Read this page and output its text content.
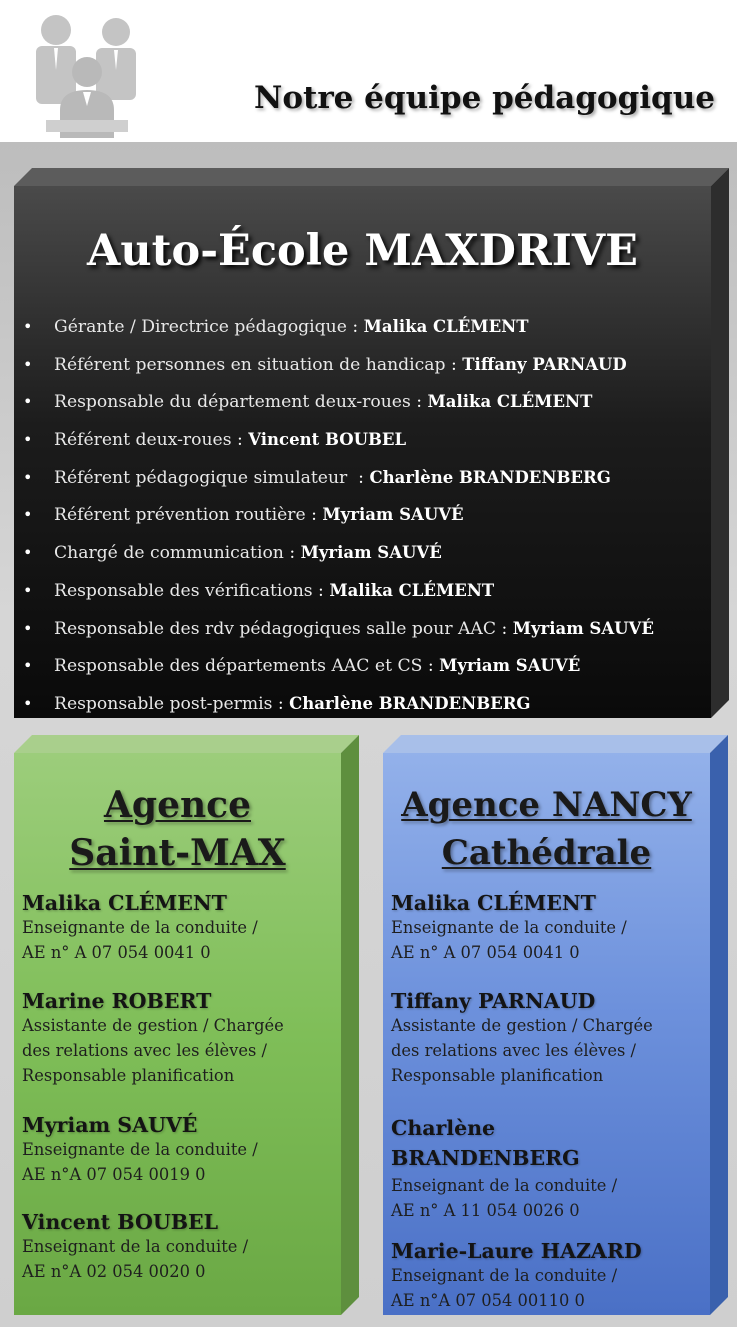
Notre équipe pédagogique
Auto-École MAXDRIVE
• Gérante / Directrice pédagogique : Malika CLÉMENT
• Référent personnes en situation de handicap : Tiffany PARNAUD
• Responsable du département deux-roues : Malika CLÉMENT
• Référent deux-roues : Vincent BOUBEL
• Référent pédagogique simulateur  : Charlène BRANDENBERG
• Référent prévention routière : Myriam SAUVÉ
• Chargé de communication : Myriam SAUVÉ
• Responsable des vérifications : Malika CLÉMENT
• Responsable des rdv pédagogiques salle pour AAC : Myriam SAUVÉ
• Responsable des départements AAC et CS : Myriam SAUVÉ
• Responsable post-permis : Charlène BRANDENBERG
Agence
Saint-MAX
Malika CLÉMENT
Enseignante de la conduite /
AE n° A 07 054 0041 0
Marine ROBERT
Assistante de gestion / Chargée
des relations avec les élèves /
Responsable planification
Myriam SAUVÉ
Enseignante de la conduite /
AE n°A 07 054 0019 0
Vincent BOUBEL
Enseignant de la conduite /
AE n°A 02 054 0020 0
Agence NANCY
Cathédrale
Malika CLÉMENT
Enseignante de la conduite /
AE n° A 07 054 0041 0
Tiffany PARNAUD
Assistante de gestion / Chargée
des relations avec les élèves /
Responsable planification
Charlène
BRANDENBERG
Enseignant de la conduite /
AE n° A 11 054 0026 0
Marie-Laure HAZARD
Enseignant de la conduite /
AE n°A 07 054 00110 0
